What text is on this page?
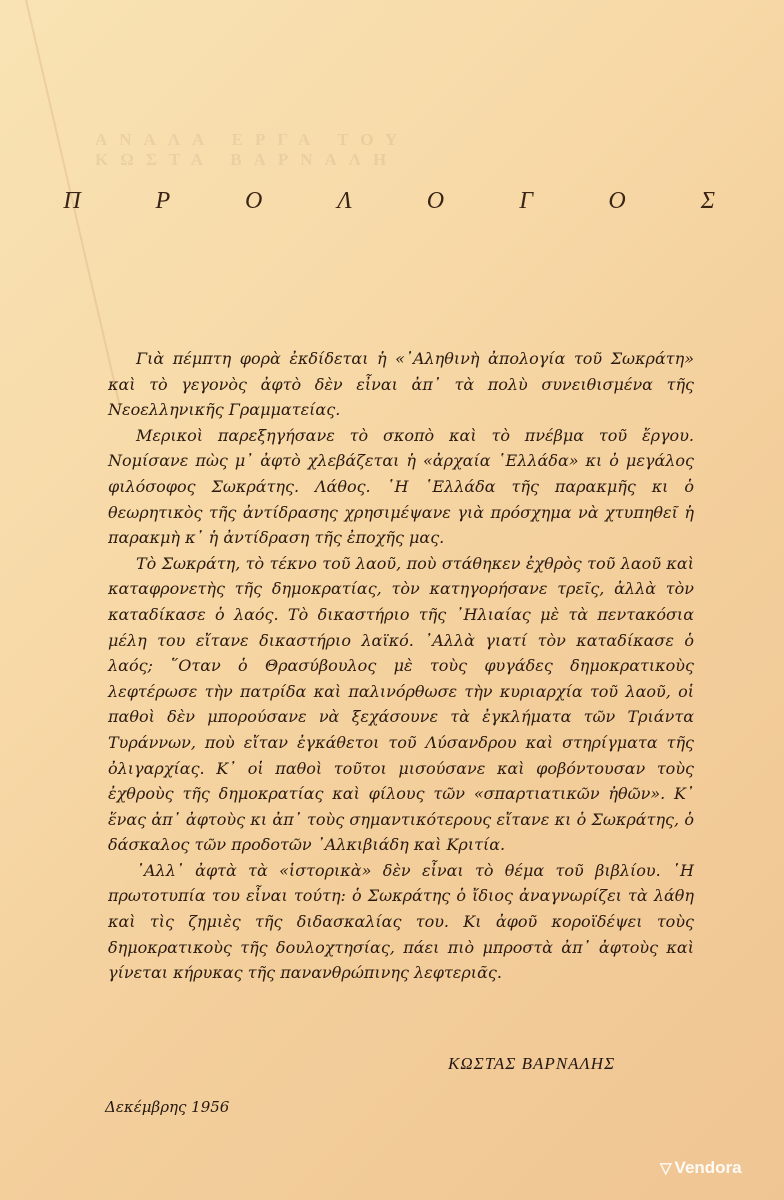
ΑΝΑΛΑ ΕΡΓΑ ΤΟΥ ΚΩΣΤΑ ΒΑΡΝΑΛΗ
Π	Ρ	Ο	Λ	Ο	Γ	Ο	Σ

Γιὰ πέμπτη φορὰ ἐκδίδεται ἡ «᾿Αληθινὴ ἀπολογία τοῦ Σωκράτη» καὶ τὸ γεγονὸς ἀφτὸ δὲν εἶναι ἀπ᾿ τὰ πολὺ συνειθισμένα τῆς Νεοελληνικῆς Γραμματείας.

Μερικοὶ παρεξηγήσανε τὸ σκοπὸ καὶ τὸ πνέβμα τοῦ ἔργου. Νομίσανε πὼς μ᾿ ἀφτὸ χλεβάζεται ἡ «ἀρχαία ῾Ελλάδα» κι ὁ μεγάλος φιλόσοφος Σωκράτης. Λάθος. ῾Η ῾Ελλάδα τῆς παρακμῆς κι ὁ θεωρητικὸς τῆς ἀντίδρασης χρησιμέψανε γιὰ πρόσχημα νὰ χτυπηθεῖ ἡ παρακμὴ κ᾿ ἡ ἀντίδραση τῆς ἐποχῆς μας.

Τὸ Σωκράτη, τὸ τέκνο τοῦ λαοῦ, ποὺ στάθηκεν ἐχθρὸς τοῦ λαοῦ καὶ καταφρονετὴς τῆς δημοκρατίας, τὸν κατηγορήσανε τρεῖς, ἀλλὰ τὸν καταδίκασε ὁ λαός. Τὸ δικαστήριο τῆς ᾿Ηλιαίας μὲ τὰ πεντακόσια μέλη του εἴτανε δικαστήριο λαϊκό. ᾿Αλλὰ γιατί τὸν καταδίκασε ὁ λαός; ῞Οταν ὁ Θρασύβουλος μὲ τοὺς φυγάδες δημοκρατικοὺς λεφτέρωσε τὴν πατρίδα καὶ παλινόρθωσε τὴν κυριαρχία τοῦ λαοῦ, οἱ παθοὶ δὲν μπορούσανε νὰ ξεχάσουνε τὰ ἐγκλήματα τῶν Τριάντα Τυράννων, ποὺ εἴταν ἐγκάθετοι τοῦ Λύσανδρου καὶ στηρίγματα τῆς ὀλιγαρχίας. Κ᾿ οἱ παθοὶ τοῦτοι μισούσανε καὶ φοβόντουσαν τοὺς ἐχθροὺς τῆς δημοκρατίας καὶ φίλους τῶν «σπαρτιατικῶν ἠθῶν». Κ᾿ ἕνας ἀπ᾿ ἀφτοὺς κι ἀπ᾿ τοὺς σημαντικότερους εἴτανε κι ὁ Σωκράτης, ὁ δάσκαλος τῶν προδοτῶν ᾿Αλκιβιάδη καὶ Κριτία.

᾿Αλλ᾿ ἀφτὰ τὰ «ἱστορικὰ» δὲν εἶναι τὸ θέμα τοῦ βιβλίου. ῾Η πρωτοτυπία του εἶναι τούτη: ὁ Σωκράτης ὁ ἴδιος ἀναγνωρίζει τὰ λάθη καὶ τὶς ζημιὲς τῆς διδασκαλίας του. Κι ἀφοῦ κοροϊδέψει τοὺς δημοκρατικοὺς τῆς δουλοχτησίας, πάει πιὸ μπροστὰ ἀπ᾿ ἀφτοὺς καὶ γίνεται κήρυκας τῆς πανανθρώπινης λεφτεριᾶς.

ΚΩΣΤΑΣ ΒΑΡΝΑΛΗΣ
Δεκέμβρης 1956
▽ Vendora
